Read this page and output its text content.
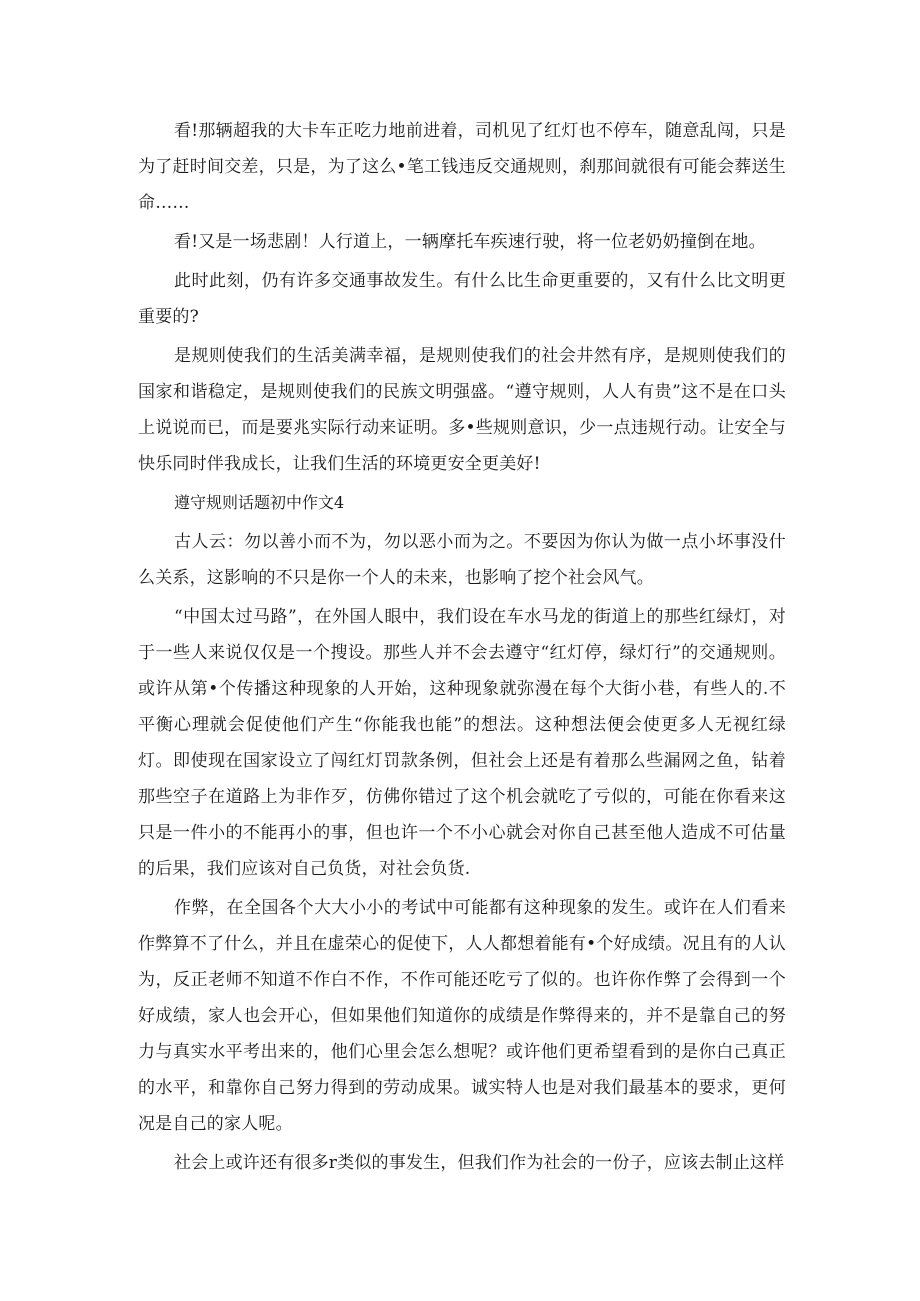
看!那辆超我的大卡车正吃力地前进着，司机见了红灯也不停车，随意乱闯，只是为了赶时间交差，只是，为了这么•笔工钱违反交通规则，刹那间就很有可能会葬送生命……

看!又是一场悲剧！人行道上，一辆摩托车疾速行驶，将一位老奶奶撞倒在地。

此时此刻，仍有许多交通事故发生。有什么比生命更重要的，又有什么比文明更重要的?

是规则使我们的生活美满幸福，是规则使我们的社会井然有序，是规则使我们的国家和谐稳定，是规则使我们的民族文明强盛。“遵守规则，人人有贵”这不是在口头上说说而已，而是要兆实际行动来证明。多•些规则意识，少一点违规行动。让安全与快乐同时伴我成长，让我们生活的环境更安全更美好!

遵守规则话题初中作文4

古人云：勿以善小而不为，勿以恶小而为之。不要因为你认为做一点小坏事没什么关系，这影响的不只是你一个人的未来，也影响了挖个社会风气。

“中国太过马路”，在外国人眼中，我们设在车水马龙的街道上的那些红绿灯，对于一些人来说仅仅是一个搜设。那些人并不会去遵守“红灯停，绿灯行”的交通规则。或许从第•个传播这种现象的人开始，这种现象就弥漫在每个大街小巷，有些人的.不平衡心理就会促使他们产生“你能我也能”的想法。这种想法便会使更多人无视红绿灯。即使现在国家设立了闯红灯罚款条例，但社会上还是有着那么些漏网之鱼，钻着那些空子在道路上为非作歹，仿佛你错过了这个机会就吃了亏似的，可能在你看来这只是一件小的不能再小的事，但也许一个不小心就会对你自己甚至他人造成不可估量的后果，我们应该对自己负货，对社会负货.

作弊，在全国各个大大小小的考试中可能都有这种现象的发生。或许在人们看来作弊算不了什么，并且在虚荣心的促使下，人人都想着能有•个好成绩。况且有的人认为，反正老师不知道不作白不作，不作可能还吃亏了似的。也许你作弊了会得到一个好成绩，家人也会开心，但如果他们知道你的成绩是作弊得来的，并不是靠自己的努力与真实水平考出来的，他们心里会怎么想呢？或许他们更希望看到的是你白己真正的水平，和靠你自己努力得到的劳动成果。诚实特人也是对我们最基本的要求，更何况是自己的家人呢。

社会上或许还有很多r类似的事发生，但我们作为社会的一份子，应该去制止这样
